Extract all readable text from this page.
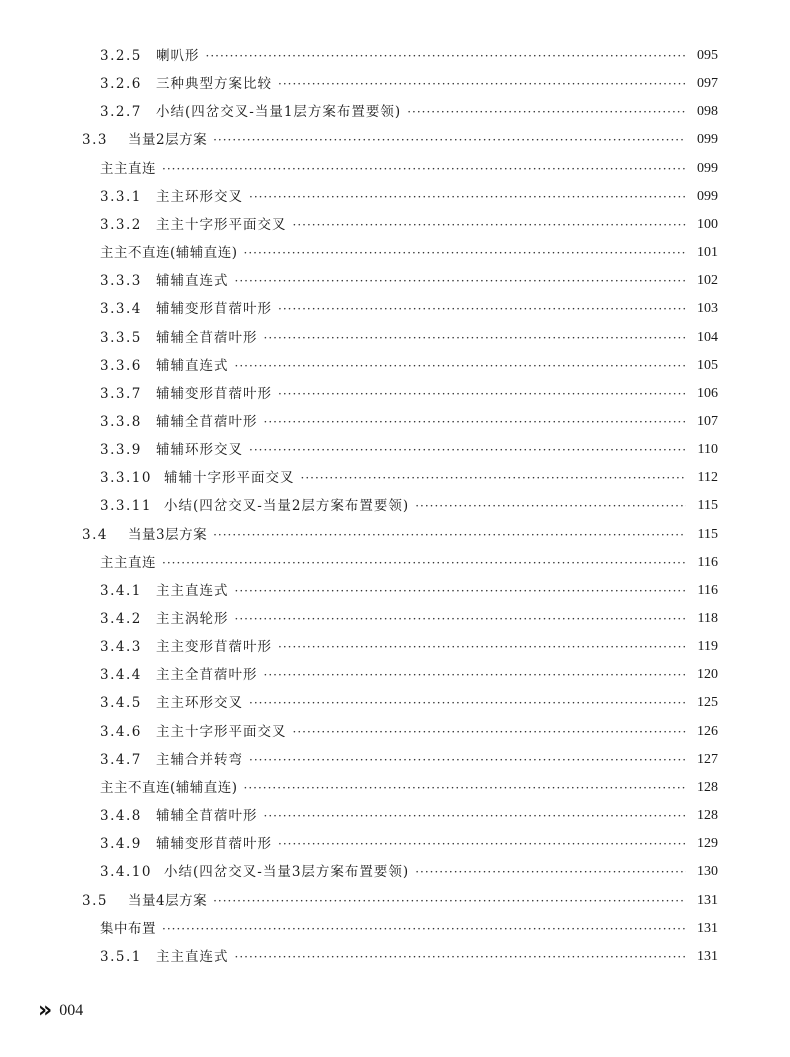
3.2.5	喇叭形 ·····	095
3.2.6	三种典型方案比较 ·····	097
3.2.7	小结(四岔交叉-当量1层方案布置要领) ·····	098
3.3	当量2层方案 ·····	099
主主直连 ·····	099
3.3.1	主主环形交叉 ·····	099
3.3.2	主主十字形平面交叉 ·····	100
主主不直连(辅辅直连) ·····	101
3.3.3	辅辅直连式 ·····	102
3.3.4	辅辅变形苜蓿叶形 ·····	103
3.3.5	辅辅全苜蓿叶形 ·····	104
3.3.6	辅辅直连式 ·····	105
3.3.7	辅辅变形苜蓿叶形 ·····	106
3.3.8	辅辅全苜蓿叶形 ·····	107
3.3.9	辅辅环形交叉 ·····	110
3.3.10 辅辅十字形平面交叉 ·····	112
3.3.11 小结(四岔交叉-当量2层方案布置要领) ·····	115
3.4	当量3层方案 ·····	115
主主直连 ·····	116
3.4.1	主主直连式 ·····	116
3.4.2	主主涡轮形 ·····	118
3.4.3	主主变形苜蓿叶形 ·····	119
3.4.4	主主全苜蓿叶形 ·····	120
3.4.5	主主环形交叉 ·····	125
3.4.6	主主十字形平面交叉 ·····	126
3.4.7	主辅合并转弯 ·····	127
主主不直连(辅辅直连) ·····	128
3.4.8	辅辅全苜蓿叶形 ·····	128
3.4.9	辅辅变形苜蓿叶形 ·····	129
3.4.10 小结(四岔交叉-当量3层方案布置要领) ·····	130
3.5	当量4层方案 ·····	131
集中布置 ·····	131
3.5.1	主主直连式 ·····	131
» 004
